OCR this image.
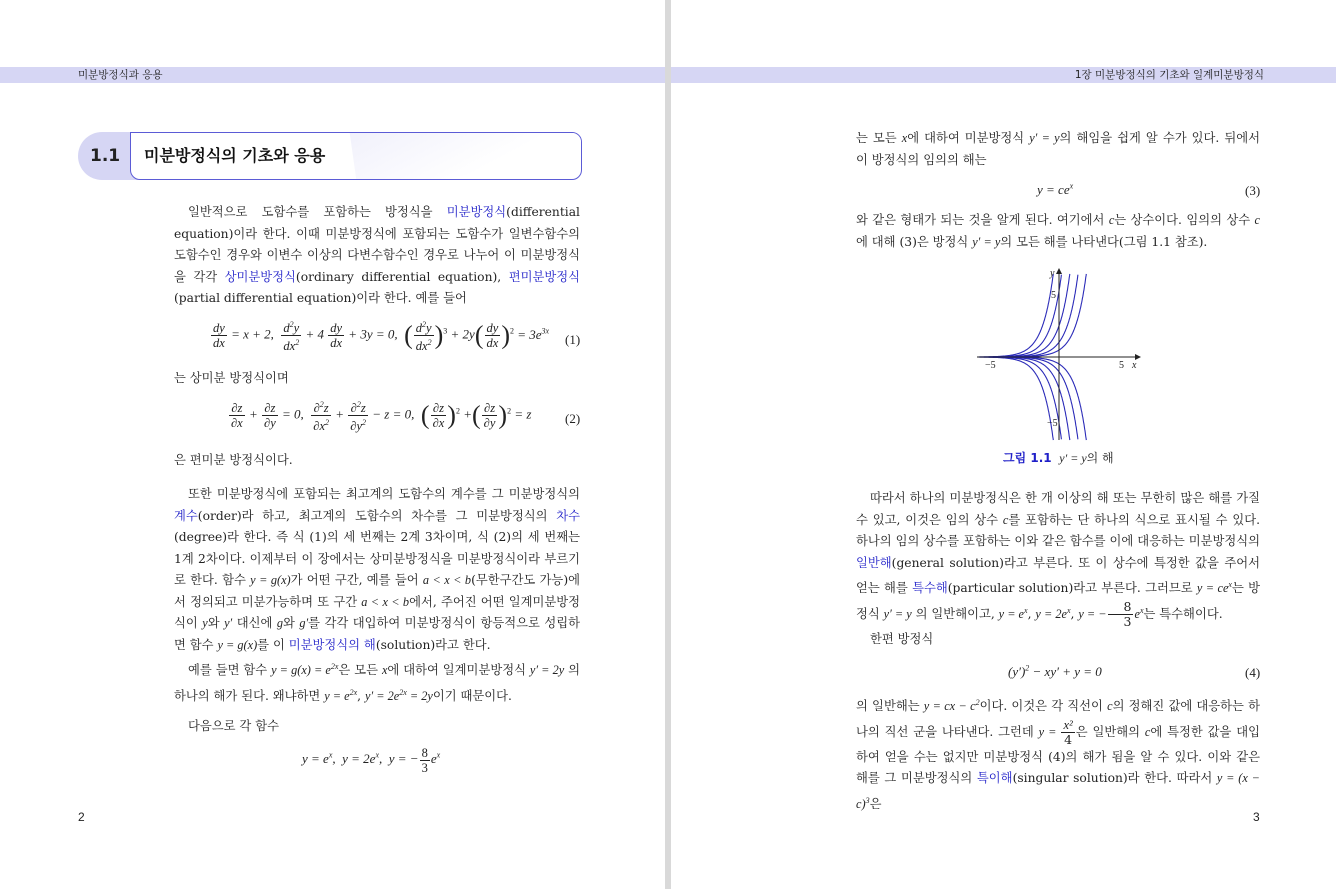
미분방정식과 응용
1.1	미분방정식의 기초와 응용

일반적으로 도함수를 포함하는 방정식을 미분방정식(differential equation)이라 한다. 이때 미분방정식에 포함되는 도함수가 일변수함수의 도함수인 경우와 이변수 이상의 다변수함수인 경우로 나누어 이 미분방정식을 각각 상미분방정식(ordinary differential equation), 편미분방정식(partial differential equation)이라 한다. 예를 들어

$\frac{dy}{dx} = x + 2$, $\frac{d^2y}{dx^2} + 4 \frac{dy}{dx} + 3y = 0$, ( $\frac{d^2y}{dx^2} )^3 + 2y( \frac{dy}{dx} )^2 = 3e^{3x}$
(1)
는 상미분 방정식이며
$\frac{\partial z}{\partial x} + \frac{\partial z}{\partial y} = 0$, $\frac{\partial^2z}{\partial x^2} + \frac{\partial^2z}{\partial y^2} - z = 0$, ( $\frac{\partial z}{\partial x} )^2$ +( $\frac{\partial z}{\partial y} )^2 = z$	(2)
은 편미분 방정식이다.

또한 미분방정식에 포함되는 최고계의 도함수의 계수를 그 미분방정식의 계수(order)라 하고, 최고계의 도함수의 차수를 그 미분방정식의 차수(degree)라 한다. 즉 식 (1)의 세 번째는 2계 3차이며, 식 (2)의 세 번째는 1계 2차이다. 이제부터 이 장에서는 상미분방정식을 미분방정식이라 부르기로 한다. 함수 y = g(x)가 어떤 구간, 예를 들어 a < x < b(무한구간도 가능)에서 정의되고 미분가능하며 또 구간 a < x < b에서, 주어진 어떤 일계미분방정식이 y와 y′ 대신에 g와 g′를 각각 대입하여 미분방정식이 항등적으로 성립하면 함수 y = g(x)를 이 미분방정식의 해(solution)라고 한다.

예를 들면 함수 $y = g(x) = e^{2x}$은 모든 x에 대하여 일계미분방정식 y′ = 2y 의 하나의 해가 된다. 왜냐하면 $y = e^{2x}$, $y' = 2e^{2x} = 2y$이기 때문이다.

다음으로 각 함수
$y = e^x$,  $y = 2e^x$,  y = − $\frac{8}{3} e^x$
2
1장 미분방정식의 기초와 일계미분방정식

는 모든 x에 대하여 미분방정식 y′ = y의 해임을 쉽게 알 수가 있다. 뒤에서 이 방정식의 임의의 해는

$y = ce^x$	(3)

와 같은 형태가 되는 것을 알게 된다. 여기에서 c는 상수이다. 임의의 상수 c 에 대해 (3)은 방정식 y′ = y의 모든 해를 나타낸다(그림 1.1 참조).

따라서 하나의 미분방정식은 한 개 이상의 해 또는 무한히 많은 해를 가질 수 있고, 이것은 임의 상수 c를 포함하는 단 하나의 식으로 표시될 수 있다. 하나의 임의 상수를 포함하는 이와 같은 함수를 이에 대응하는 미분방정식의 일반해(general solution)라고 부른다. 또 이 상수에 특정한 값을 주어서 얻는 해를 특수해(particular solution)라고 부른다. 그러므로 $y = ce^x$는 방정식 y′ = y 의 일반해이고, $y = e^x$, $y = 2e^x$, y = − $\frac{8}{3} e^x$는 특수해이다.

한편 방정식

$(y')^2 - xy' + y = 0$	(4)

의 일반해는 y = cx − $c^2$이다. 이것은 각 직선이 c의 정해진 값에 대응하는 하나의 직선 군을 나타낸다. 그런데 $y = \frac{\text{x²}}{4}$ 은 일반해의 c에 특정한 값을 대입하여 얻을 수는 없지만 미분방정식 (4)의 해가 됨을 알 수 있다. 이와 같은 해를 그 미분방정식의 특이해(singular solution)라 한다. 따라서 $y = (x - c)^3$은

3
x
y
−5	5
5
−5
그림 1.1 y′ = y의 해
